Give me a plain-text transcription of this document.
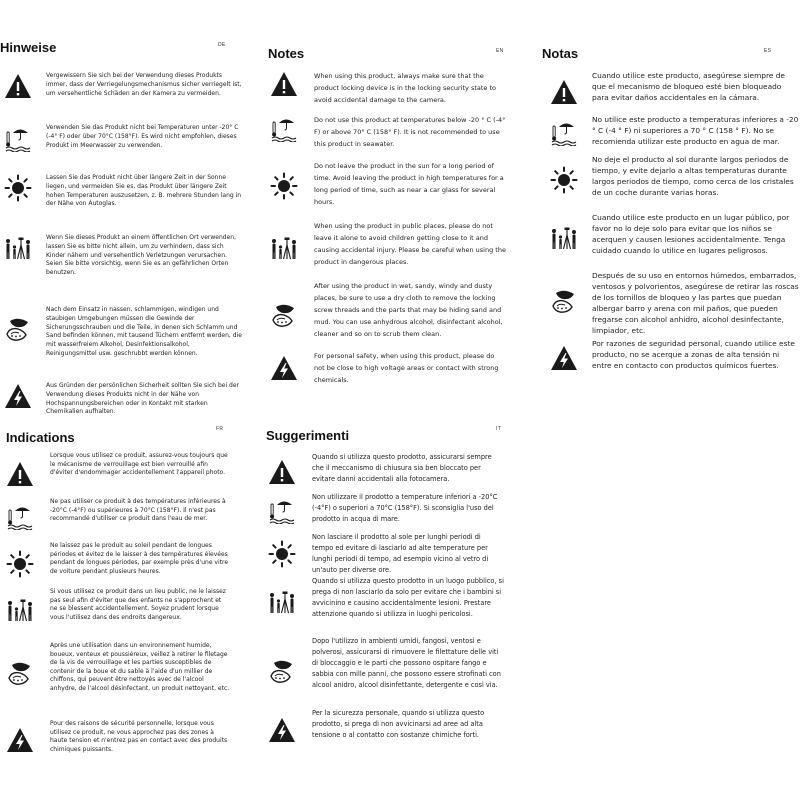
Hinweise	DE
Vergewissern Sie sich bei der Verwendung dieses Produkts immer, dass der Verriegelungsmechanismus sicher verriegelt ist, um versehentliche Schäden an der Kamera zu vermeiden.
Verwenden Sie das Produkt nicht bei Temperaturen unter -20° C (-4° F) oder über 70°C (158°F). Es wird nicht empfohlen, dieses Produkt im Meerwasser zu verwenden.
Lassen Sie das Produkt nicht über längere Zeit in der Sonne liegen, und vermeiden Sie es, das Produkt über längere Zeit hohen Temperaturen auszusetzen, z. B. mehrere Stunden lang in der Nähe von Autoglas.
Wenn Sie dieses Produkt an einem öffentlichen Ort verwenden, lassen Sie es bitte nicht allein, um zu verhindern, dass sich Kinder nähern und versehentlich Verletzungen verursachen. Seien Sie bitte vorsichtig, wenn Sie es an gefährlichen Orten benutzen.
Nach dem Einsatz in nassen, schlammigen, windigen und staubigen Umgebungen müssen die Gewinde der Sicherungsschrauben und die Teile, in denen sich Schlamm und Sand befinden können, mit tausend Tüchern entfernt werden, die mit wasserfreiem Alkohol, Desinfektionsalkohol, Reinigungsmittel usw. geschrubbt werden können.
Aus Gründen der persönlichen Sicherheit sollten Sie sich bei der Verwendung dieses Produkts nicht in der Nähe von Hochspannungsbereichen oder in Kontakt mit starken Chemikalien aufhalten.
Notes	EN
When using this product, always make sure that the product locking device is in the locking security state to avoid accidental damage to the camera.
Do not use this product at temperatures below -20 ° C (-4° F) or above 70° C (158° F). It is not recommended to use this product in seawater.
Do not leave the product in the sun for a long period of time. Avoid leaving the product in high temperatures for a long period of time, such as near a car glass for several hours.
When using the product in public places, please do not leave it alone to avoid children getting close to it and causing accidental injury. Please be careful when using the product in dangerous places.
After using the product in wet, sandy, windy and dusty places, be sure to use a dry cloth to remove the locking screw threads and the parts that may be hiding sand and mud. You can use anhydrous alcohol, disinfectant alcohol, cleaner and so on to scrub them clean.
For personal safety, when using this product, please do not be close to high voltage areas or contact with strong chemicals.
Notas	ES
Cuando utilice este producto, asegúrese siempre de que el mecanismo de bloqueo esté bien bloqueado para evitar daños accidentales en la cámara.
No utilice este producto a temperaturas inferiores a -20 ° C (-4 ° F) ni superiores a 70 ° C (158 ° F). No se recomienda utilizar este producto en agua de mar.
No deje el producto al sol durante largos periodos de tiempo, y evite dejarlo a altas temperaturas durante largos periodos de tiempo, como cerca de los cristales de un coche durante varias horas.
Cuando utilice este producto en un lugar público, por favor no lo deje solo para evitar que los niños se acerquen y causen lesiones accidentalmente. Tenga cuidado cuando lo utilice en lugares peligrosos.
Después de su uso en entornos húmedos, embarrados, ventosos y polvorientos, asegúrese de retirar las roscas de los tornillos de bloqueo y las partes que puedan albergar barro y arena con mil paños, que pueden fregarse con alcohol anhidro, alcohol desinfectante, limpiador, etc.
Por razones de seguridad personal, cuando utilice este producto, no se acerque a zonas de alta tensión ni entre en contacto con productos químicos fuertes.
Indications
FR
Lorsque vous utilisez ce produit, assurez-vous toujours que le mécanisme de verrouillage est bien verrouillé afin d'éviter d'endommager accidentellement l'appareil photo.
Ne pas utiliser ce produit à des températures inférieures à -20°C (-4°F) ou supérieures à 70°C (158°F). Il n'est pas recommandé d'utiliser ce produit dans l'eau de mer.
Ne laissez pas le produit au soleil pendant de longues périodes et évitez de le laisser à des températures élevées pendant de longues périodes, par exemple près d'une vitre de voiture pendant plusieurs heures.
Si vous utilisez ce produit dans un lieu public, ne le laissez pas seul afin d'éviter que des enfants ne s'approchent et ne se blessent accidentellement. Soyez prudent lorsque vous l'utilisez dans des endroits dangereux.
Après une utilisation dans un environnement humide, boueux, venteux et poussiéreux, veillez à retirer le filetage de la vis de verrouillage et les parties susceptibles de contenir de la boue et du sable à l'aide d'un millier de chiffons, qui peuvent être nettoyés avec de l'alcool anhydre, de l'alcool désinfectant, un produit nettoyant, etc.
Pour des raisons de sécurité personnelle, lorsque vous utilisez ce produit, ne vous approchez pas des zones à haute tension et n'entrez pas en contact avec des produits chimiques puissants.
Suggerimenti	IT
Quando si utilizza questo prodotto, assicurarsi sempre che il meccanismo di chiusura sia ben bloccato per evitare danni accidentali alla fotocamera.
Non utilizzare il prodotto a temperature inferiori a -20°C (-4°F) o superiori a 70°C (158°F). Si sconsiglia l'uso del prodotto in acqua di mare.
Non lasciare il prodotto al sole per lunghi periodi di tempo ed evitare di lasciarlo ad alte temperature per lunghi periodi di tempo, ad esempio vicino al vetro di un'auto per diverse ore.
Quando si utilizza questo prodotto in un luogo pubblico, si prega di non lasciarlo da solo per evitare che i bambini si avvicinino e causino accidentalmente lesioni. Prestare attenzione quando si utilizza in luoghi pericolosi.
Dopo l'utilizzo in ambienti umidi, fangosi, ventosi e polverosi, assicurarsi di rimuovere le filettature delle viti di bloccaggio e le parti che possono ospitare fango e sabbia con mille panni, che possono essere strofinati con alcool anidro, alcool disinfettante, detergente e così via.
Per la sicurezza personale, quando si utilizza questo prodotto, si prega di non avvicinarsi ad aree ad alta tensione o al contatto con sostanze chimiche forti.
